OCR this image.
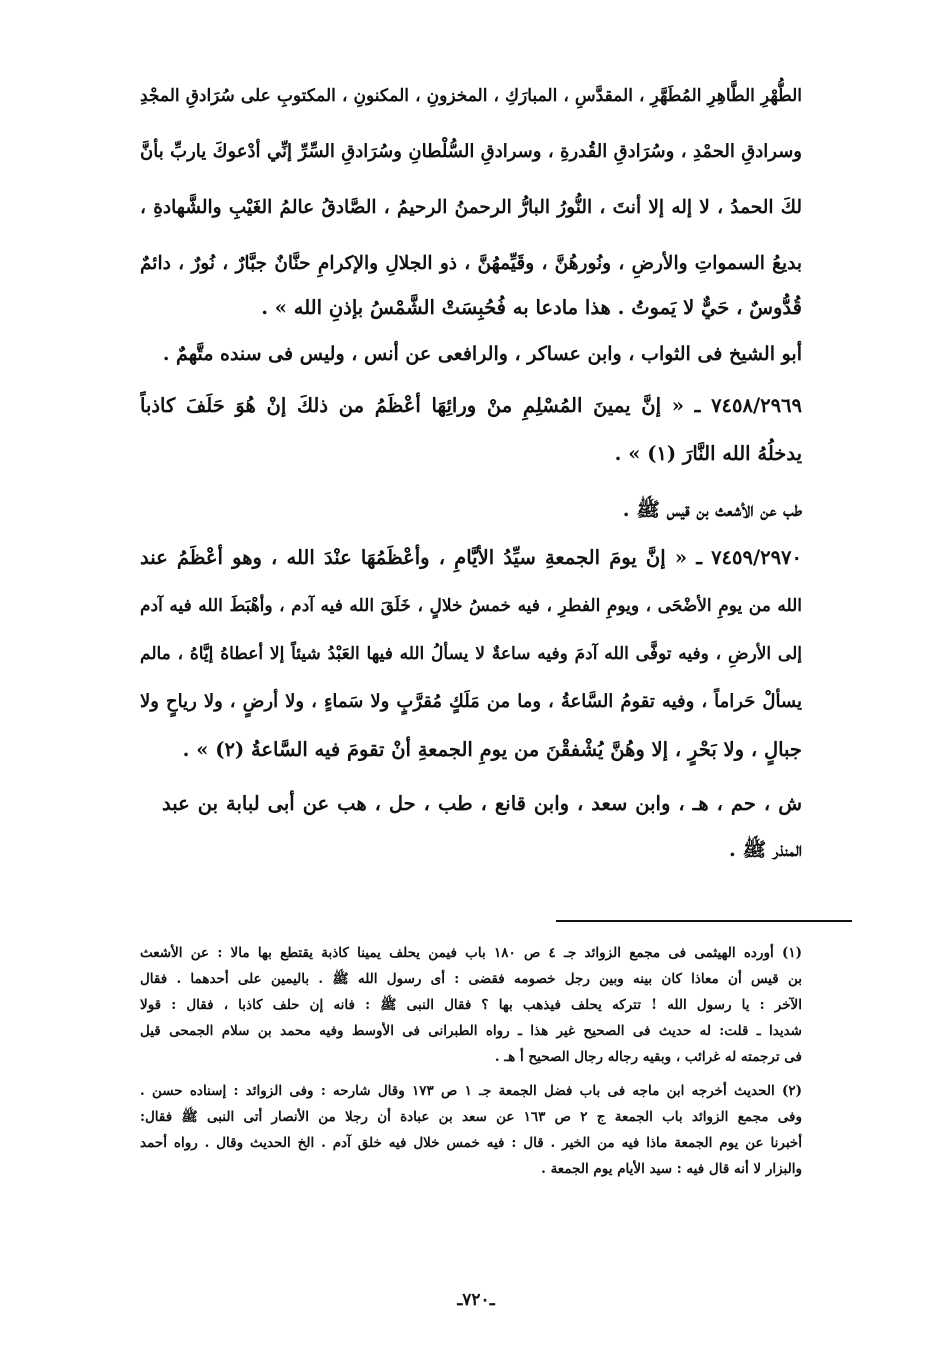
الطُّهْرِ الطَّاهِرِ المُطَهَّرِ ، المقدَّسِ ، المبارَكِ ، المخزونِ ، المكنونِ ، المكتوبِ على سُرَادقِ المجْدِ
وسرادقِ الحمْدِ ، وسُرَادقِ القُدرةِ ، وسرادقِ السُّلْطانِ وسُرَادقِ السِّرِّ إنِّي أدْعوكَ ياربِّ بأنَّ
لكَ الحمدُ ، لا إله إلا أنتَ ، النُّورُ البارُّ الرحمنُ الرحيمُ ، الصَّادقُ عالمُ الغَيْبِ والشَّهادةِ ،
بديعُ السمواتِ والأرضِ ، ونُورهُنَّ ، وقَيِّمهُنَّ ، ذو الجلالِ والإكرامِ حنَّانٌ جبَّارٌ ، نُورٌ ، دائمٌ
قُدُّوسٌ ، حَيٌّ لا يَموتُ . هذا مادعا به فُحُبِسَتْ الشَّمْسُ بإذنِ الله » .
أبو الشيخ فى الثواب ، وابن عساكر ، والرافعى عن أنس ، وليس فى سنده متَّهمٌ .
٧٤٥٨/٢٩٦٩ ـ « إنَّ يمينَ المُسْلِمِ منْ ورائِهَا أعْظَمُ من ذلكَ إنْ هُوَ حَلَفَ كاذباً
يدخلُهُ الله النَّارَ (١) » .
طب عن الأشعث بن قيس ﷺ .
٧٤٥٩/٢٩٧٠ ـ « إنَّ يومَ الجمعةِ سيِّدُ الأيَّامِ ، وأعْظَمُهَا عنْدَ الله ، وهو أعْظَمُ عند
الله من يومِ الأضْحَى ، ويومِ الفطرِ ، فيه خمسُ خلالٍ ، خَلَقَ الله فيه آدم ، وأهْبَطَ الله فيه آدم
إلى الأرضِ ، وفيه توفَّى الله آدمَ وفيه ساعةٌ لا يسألُ الله فيها العَبْدُ شيئاً إلا أعطاهُ إيَّاهُ ، مالم
يسألْ حَراماً ، وفيه تقومُ السَّاعةُ ، وما من مَلَكٍ مُقرَّبٍ ولا سَماءٍ ، ولا أرضٍ ، ولا رياحٍ ولا
جبالٍ ، ولا بَحْرٍ ، إلا وهُنَّ يُشْفقْنَ من يومِ الجمعةِ أنْ تقومَ فيه السَّاعةُ (٢) » .
ش ، حم ، هـ ، وابن سعد ، وابن قانع ، طب ، حل ، هب عن أبى لبابة بن عبد
المنذر ﷺ .
(١) أورده الهيثمى فى مجمع الزوائد جـ ٤ ص ١٨٠ باب فيمن يحلف يمينا كاذبة يقتطع بها مالا : عن الأشعث
بن قيس أن معاذا كان بينه وبين رجل خصومه فقضى : أى رسول الله ﷺ . باليمين على أحدهما . فقال
الآخر : يا رسول الله ! تتركه يحلف فيذهب بها ؟ فقال النبى ﷺ : فانه إن حلف كاذبا ، فقال : قولا
شديدا ـ قلت: له حديث فى الصحيح غير هذا ـ رواه الطبرانى فى الأوسط وفيه محمد بن سلام الجمحى قيل
فى ترجمته له غرائب ، وبقيه رجاله رجال الصحيح أ هـ .
(٢) الحديث أخرجه ابن ماجه فى باب فضل الجمعة جـ ١ ص ١٧٣ وقال شارحه : وفى الزوائد : إسناده حسن .
وفى مجمع الزوائد باب الجمعة ج ٢ ص ١٦٣ عن سعد بن عبادة أن رجلا من الأنصار أتى النبى ﷺ فقال:
أخبرنا عن يوم الجمعة ماذا فيه من الخير . قال : فيه خمس خلال فيه خلق آدم . الخ الحديث وقال . رواه أحمد
والبزار لا أنه قال فيه : سيد الأيام يوم الجمعة .
ـ٧٢٠ـ
